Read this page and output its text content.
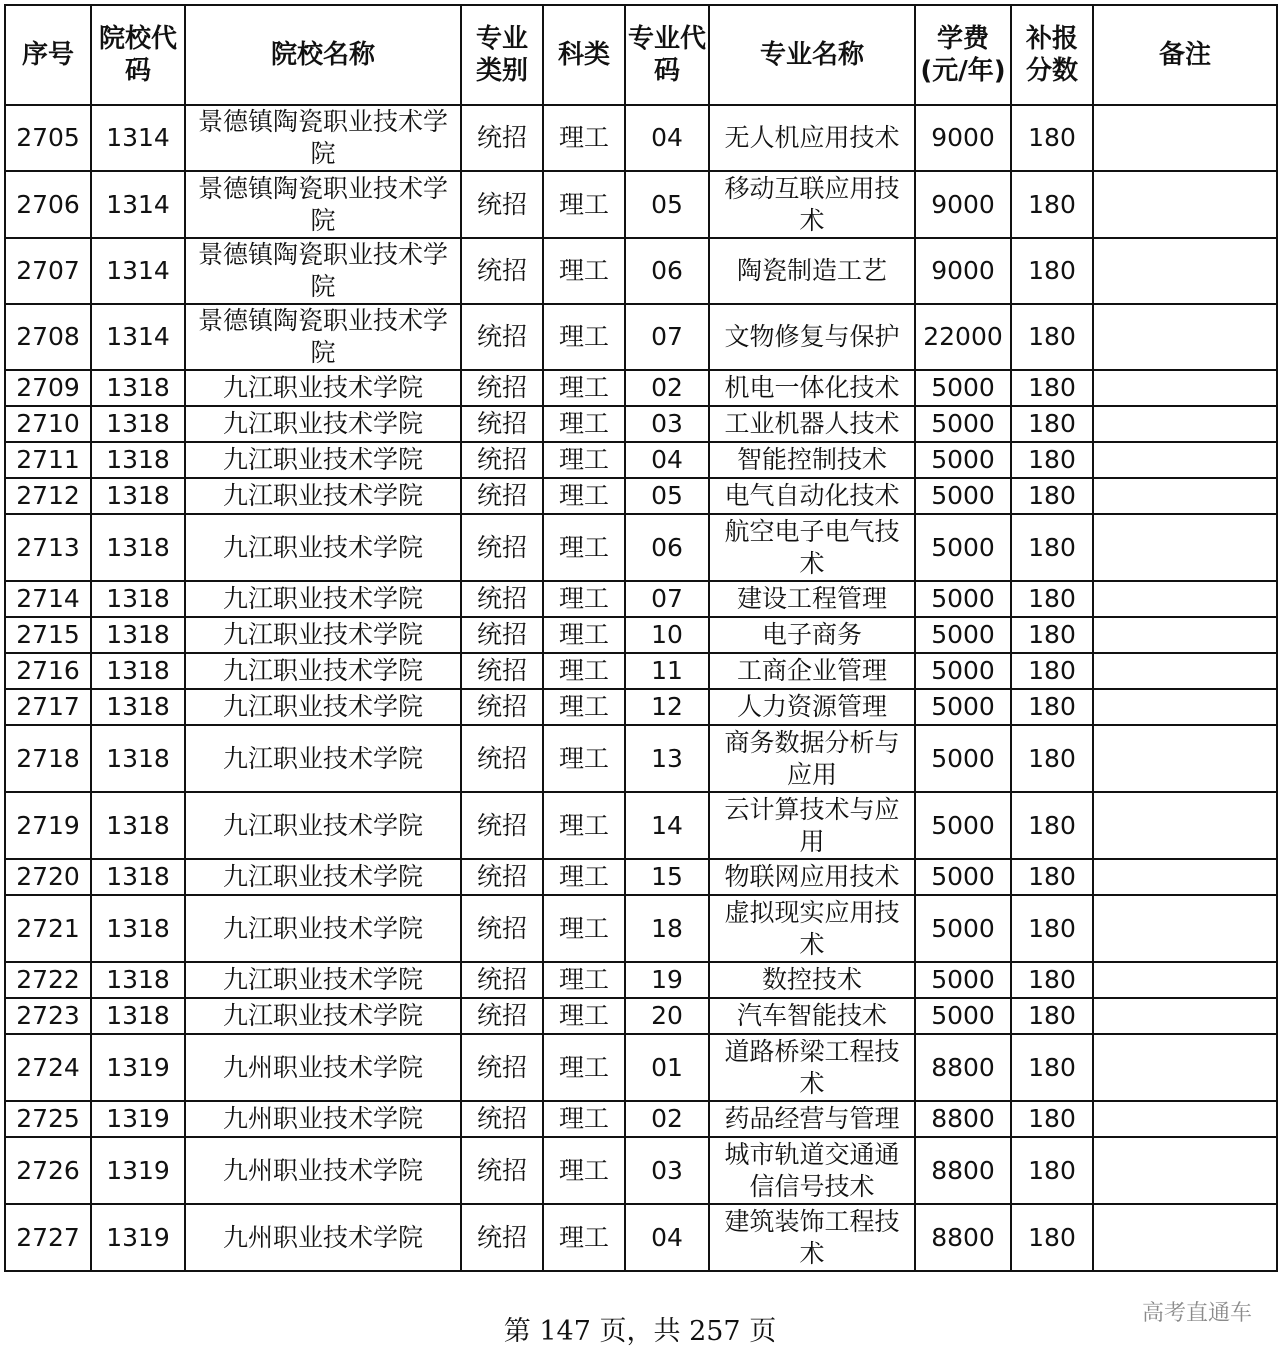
序号	院校代码	院校名称	专业类别	科类	专业代码	专业名称	学费(元/年)	补报分数	备注
2705	1314	景德镇陶瓷职业技术学院	统招	理工	04	无人机应用技术	9000	180	
2706	1314	景德镇陶瓷职业技术学院	统招	理工	05	移动互联应用技术	9000	180	
2707	1314	景德镇陶瓷职业技术学院	统招	理工	06	陶瓷制造工艺	9000	180	
2708	1314	景德镇陶瓷职业技术学院	统招	理工	07	文物修复与保护	22000	180	
2709	1318	九江职业技术学院	统招	理工	02	机电一体化技术	5000	180	
2710	1318	九江职业技术学院	统招	理工	03	工业机器人技术	5000	180	
2711	1318	九江职业技术学院	统招	理工	04	智能控制技术	5000	180	
2712	1318	九江职业技术学院	统招	理工	05	电气自动化技术	5000	180	
2713	1318	九江职业技术学院	统招	理工	06	航空电子电气技术	5000	180	
2714	1318	九江职业技术学院	统招	理工	07	建设工程管理	5000	180	
2715	1318	九江职业技术学院	统招	理工	10	电子商务	5000	180	
2716	1318	九江职业技术学院	统招	理工	11	工商企业管理	5000	180	
2717	1318	九江职业技术学院	统招	理工	12	人力资源管理	5000	180	
2718	1318	九江职业技术学院	统招	理工	13	商务数据分析与应用	5000	180	
2719	1318	九江职业技术学院	统招	理工	14	云计算技术与应用	5000	180	
2720	1318	九江职业技术学院	统招	理工	15	物联网应用技术	5000	180	
2721	1318	九江职业技术学院	统招	理工	18	虚拟现实应用技术	5000	180	
2722	1318	九江职业技术学院	统招	理工	19	数控技术	5000	180	
2723	1318	九江职业技术学院	统招	理工	20	汽车智能技术	5000	180	
2724	1319	九州职业技术学院	统招	理工	01	道路桥梁工程技术	8800	180	
2725	1319	九州职业技术学院	统招	理工	02	药品经营与管理	8800	180	
2726	1319	九州职业技术学院	统招	理工	03	城市轨道交通通信信号技术	8800	180	
2727	1319	九州职业技术学院	统招	理工	04	建筑装饰工程技术	8800	180	
第 147 页，共 257 页
高考直通车
